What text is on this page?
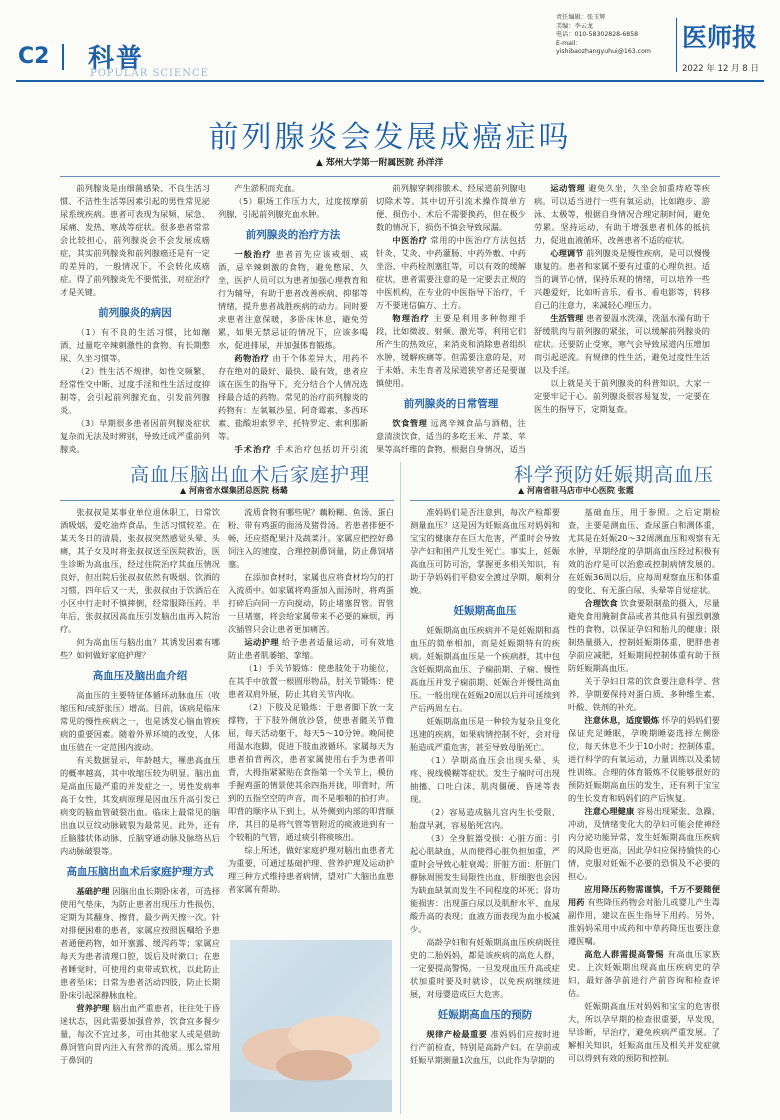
C2 科普
POPULAR SCIENCE
责任编辑：张玉辉
美编：李云龙
电话：010-58302828-6858
E-mail：yishibaozhangyuhui@163.com	医师报
2022 年 12 月 8 日
前列腺炎会发展成癌症吗
▲ 郑州大学第一附属医院 孙洋洋

前列腺炎是由细菌感染、不良生活习惯、不洁性生活等因素引起的男性常见泌尿系统疾病。患者可表现为尿频、尿急、尿痛、发热、寒战等症状。很多患者常常会比较担心，前列腺炎会不会发展成癌症，其实前列腺炎和前列腺癌还是有一定的差异的，一般情况下，不会转化成癌症。得了前列腺炎先不要慌张，对症治疗才是关键。

前列腺炎的病因

（1）有不良的生活习惯，比如酗酒、过量吃辛辣刺激性的食物、有长期憋尿、久坐习惯等。

（2）性生活不规律，如性交频繁、经常性交中断、过度手淫和性生活过度抑制等，会引起前列腺充血，引发前列腺炎。

（3）早期很多患者因前列腺炎症状复杂而无法及时辨别，导致迁成严重前列腺炎。

产生淤积而充血。

（5）职场工作压力大，过度按摩前列腺，引起前列腺充血水肿。

前列腺炎的治疗方法

一般治疗 患者首先应该戒烟、戒酒，忌辛辣刺激的食物，避免憋尿、久坐，医护人员可以为患者加强心理教育和行为辅导，有助于患者改善疾病、抑郁等情绪，提升患者战胜疾病的动力。同时要求患者注意保暖，多卧床休息，避免劳累，如果无禁忌证的情况下，应该多喝水，促进排尿，并加强体育锻炼。

药物治疗 由于个体差异大，用药不存在绝对的最好、最快、最有效，患者应该在医生的指导下，充分结合个人情况选择最合适的药物。常见的治疗前列腺炎的药物有：左氧氟沙星、阿奇霉素、多西环素、盐酸坦索罗辛、托特罗定、索利那新等。

手术治疗 手术治疗包括切开引流

前列腺穿刺排脓术、经尿道前列腺电切除术等。其中切开引流术操作简单方便、损伤小、术后不需要换药，但在极少数的情况下，损伤不慎会导致尿漏。

中医治疗 常用的中医治疗方法包括针灸、艾灸、中药灌肠、中药外敷、中药坐浴、中药栓剂塞肛等，可以有效的缓解症状，患者需要注意的是一定要去正规的中医机构，在专业的中医指导下治疗，千万不要迷信偏方、土方。

物理治疗 主要是利用多种物理手段，比如微波、射频、激光等，利用它们所产生的热效应，来消炎和消除患者组织水肿，缓解疾痛等。但需要注意的是，对于未婚、未生育者及尿道狭窄者还是要谨慎使用。

前列腺炎的日常管理

饮食管理 远离辛辣食品与酒精，注意清淡饮食，适当的多吃玉米、芹菜、苹果等高纤维的食物，根据自身情况，适当

运动管理 避免久坐，久坐会加重痔疮等疾病。可以适当进行一些有氧运动，比如跑步、游泳、太极等，根据自身情况合理定制时间，避免劳累。坚持运动，有助于增强患者机体的抵抗力，促进血液循环，改善患者不适的症状。

心理调节 前列腺炎是慢性疾病，是可以慢慢康复的。患者和家属不要有过重的心理负担。适当的调节心情，保持乐观的情绪，可以培养一些兴趣爱好，比如听音乐、看书、看电影等，转移自己的注意力，来减轻心理压力。

生活管理 患者要温水洗澡，洗温水澡有助于舒缓肌肉与前列腺的紧张，可以缓解前列腺炎的症状。还要防止受寒，寒气会导致尿道内压增加而引起逆流。有规律的性生活，避免过度性生活以及手淫。

以上就是关于前列腺炎的科普知识，大家一定要牢记于心。前列腺炎很容易复发，一定要在医生的指导下，定期复查。

高血压脑出血术后家庭护理
▲ 河南省水煤集团总医院 杨璐

张叔叔是某事业单位退休职工，日常饮酒吸烟，爱吃油炸食品，生活习惯较差。在某天冬日的清晨，张叔叔突然感觉头晕、头痛，其子女及时将张叔叔送至医院救治，医生诊断为高血压，经过住院治疗其血压情况良好，但出院后张叔叔依然有吸烟、饮酒的习惯，四年后又一天，张叔叔由于饮酒后在小区中行走时不慎摔倒，经常服降压药。半年后，张叔叔因高血压引发脑出血再入院治疗。

何为高血压与脑出血？其诱发因素有哪些？如何做好家庭护理？

高血压及脑出血介绍

高血压的主要特征体循环动脉血压（收缩压和/或舒张压）增高。目前，该病是临床常见的慢性疾病之一，也是诱发心脑血管疾病的重要因素。随着外界环境的改变，人体血压值在一定范围内波动。

有关数据显示，年龄越大，罹患高血压的概率越高，其中收缩压较为明显。脑出血是高血压最严重的并发症之一，男性发病率高于女性，其发病原理是因血压升高引发已病变的脑血管破裂出血。临床上最常见的脑出血以豆纹动脉破裂为最常见。此外，还有丘脑膝状体动脉、丘脑穿通动脉及脉络丛后内动脉破裂等。

高血压脑出血术后家庭护理方式

基础护理 因脑出血长期卧床者，可选择使用气垫床，为防止患者出现压力性损伤，定期为其翻身、擦背，最少两天擦一次。针对排便困难的患者，家属应按照医嘱给予患者通便药物，如开塞露、缓泻药等；家属应每天为患者清理口腔，饭后及时漱口；在患者睡觉时，可使用约束带或软枕，以此防止患者坠床；日常为患者活动四肢，防止长期卧床引起深静脉血栓。

营养护理 脑出血严重患者，往往处于昏迷状态，因此需要加强营养，饮食宜多餐少量，每次不宜过多，可由其他家人或是借助鼻饲管向胃内注入有营养的流质。那么常用于鼻饲的

流质食物有哪些呢？藕粉糊、鱼汤、蛋白粉、带有鸡蛋的面汤及猪骨汤。若患者排便不畅，还应搭配果汁及蔬菜汁。家属应把控好鼻饲注入的速度，合理控制鼻饲量，防止鼻饲堵塞。

在添加食材时，家属也应将食材均匀的打入流质中。如家属将鸡蛋加入面汤时，将鸡蛋打碎后向同一方向搅动，防止堵塞胃管。胃管一旦堵塞，将会给家属带来不必要的麻烦，再次插管只会让患者更加痛苦。

运动护理 给予患者适量运动，可有效地防止患者肌萎缩、挛缩。

（1）手关节锻炼：使患肢处于功能位，在其手中放置一根圆形物品，肘关节锻炼：使患者双肩外展，防止其肩关节内收。

（2）下肢及足锻炼：于患者脚下放一支撑物，于下肢外侧放沙袋，使患者髋关节微屈，每天活动躯干，每天5～10分钟。晚间使用温水泡脚，促进下肢血液循环。家属每天为患者拍背两次，患者家属使用右手为患者叩背，大拇指紧紧贴在食指第一个关节上，模仿手握鸡蛋的情景使其余四指并拢，叩背时，所到的五指空空的声音，而不是啪啪的拍打声。叩背的顺序从下到上，从外侧到内部的叩背顺序，其目的是将气管等管附近的痰液进到有一个较粗的气管，通过痰引将痰咳出。

综上所述，做好家庭护理对脑出血患者尤为重要，可通过基础护理、营养护理及运动护理三种方式维持患者病情，望对广大脑出血患者家属有帮助。

科学预防妊娠期高血压
▲ 河南省驻马店市中心医院 张霞

准妈妈们是否注意到，每次产检都要测量血压？这是因为妊娠高血压对妈妈和宝宝的健康存在巨大危害，严重时会导致孕产妇和围产儿发生死亡。事实上，妊娠高血压可防可治，掌握更多相关知识，有助于孕妈妈们平稳安全渡过孕期，顺利分娩。

妊娠期高血压

妊娠期高血压疾病并不是妊娠期和高血压的简单相加，而是妊娠期特有的疾病。妊娠期高血压是一个疾病群，其中包含妊娠期高血压、子痫前期、子痫、慢性高血压并发子痫前期、妊娠合并慢性高血压。一般出现在妊娠20周以后并可延续到产后两周左右。

妊娠期高血压是一种较为复杂且变化迅速的疾病，如果病情控制不好，会对母胎造成严重危害，甚至导致母胎死亡。

（1）孕期高血压会出现头晕、头疼、视线模糊等症状。发生子痫时可出现抽搐、口吐白沫、肌肉僵硬、昏迷等表现。

（2）容易造成脑儿宫内生长受限、胎盘早剥，容易胎死宫内。

（3）全身脏器受损：心脏方面：引起心肌缺血，从而使得心脏负担加重，严重时会导致心脏衰竭；肝脏方面：肝脏门静脉周围发生局限性出血，肝细胞也会因为缺血缺氧而发生不同程度的坏死；肾功能损害：出现蛋白尿以及肌酐水平、血尿酸升高的表现；血液方面表现为血小板减少。

高龄孕妇和有妊娠期高血压疾病既往史的二胎妈妈，都是该疾病的高危人群，一定要提高警惕。一旦发现血压升高或症状加重时要及时就诊，以免疾病继续进展，对母婴造成巨大危害。

妊娠期高血压的预防

规律产检最重要 准妈妈们应按时进行产前检查，特别是高龄产妇。在孕前或妊娠早期测量1次血压，以此作为孕期的

基础血压，用于参照。之后定期检查，主要是测血压、查尿蛋白和测体重，尤其是在妊娠20～32周测血压和观察有无水肿，早期经度的孕期高血压经过积极有效的治疗是可以治愈或控制病情发展的。在妊娠36周以后，应每周观察血压和体重的变化、有无蛋白尿、头晕等自觉症状。

合理饮食 饮食要限制盐的摄入，尽量避免食用腌制食品或者其他具有强烈刺激性的食物，以保证孕妇和胎儿的健康；限制热量摄入，控制妊娠期体重，肥胖患者孕前应减肥，妊娠期间控制体重有助于预防妊娠期高血压。

关于孕妇日常的饮食要注意科学、营养，孕期要保持对蛋白质、多种维生素、叶酸、铁剂的补充。

注意休息，适度锻炼 怀孕的妈妈们要保证充足睡眠，孕晚期睡姿选择左侧卧位，每天休息不少于10小时；控制体重，进行科学的有氧运动，力量训练以及柔韧性训练。合理的体育锻炼不仅能够很好的预防妊娠期高血压的发生，还有利于宝宝的生长发育和妈妈们的产后恢复。

注意心理健康 容易出现紧张、急躁、冲动，及情绪变化大的孕妇可能会使神经内分泌功能异常，发生妊娠期高血压疾病的风险也更高，因此孕妇应保持愉快的心情，克服对妊娠不必要的恐惧及不必要的担心。

应用降压药物需谨慎，千万不要随便用药 有些降压药物会对胎儿或婴儿产生毒副作用，建议在医生指导下用药。另外，准妈妈采用中成药和中草药降压也要注意遵医嘱。

高危人群需提高警惕 有高血压家族史、上次妊娠期出现高血压疾病史的孕妇，最好备孕前进行产前咨询和检查评估。

妊娠期高血压对妈妈和宝宝的危害很大，所以孕早期的检查很重要，早发现，早诊断，早治疗，避免疾病严重发展。了解相关知识，妊娠高血压及相关并发症就可以得到有效的预防和控制。
